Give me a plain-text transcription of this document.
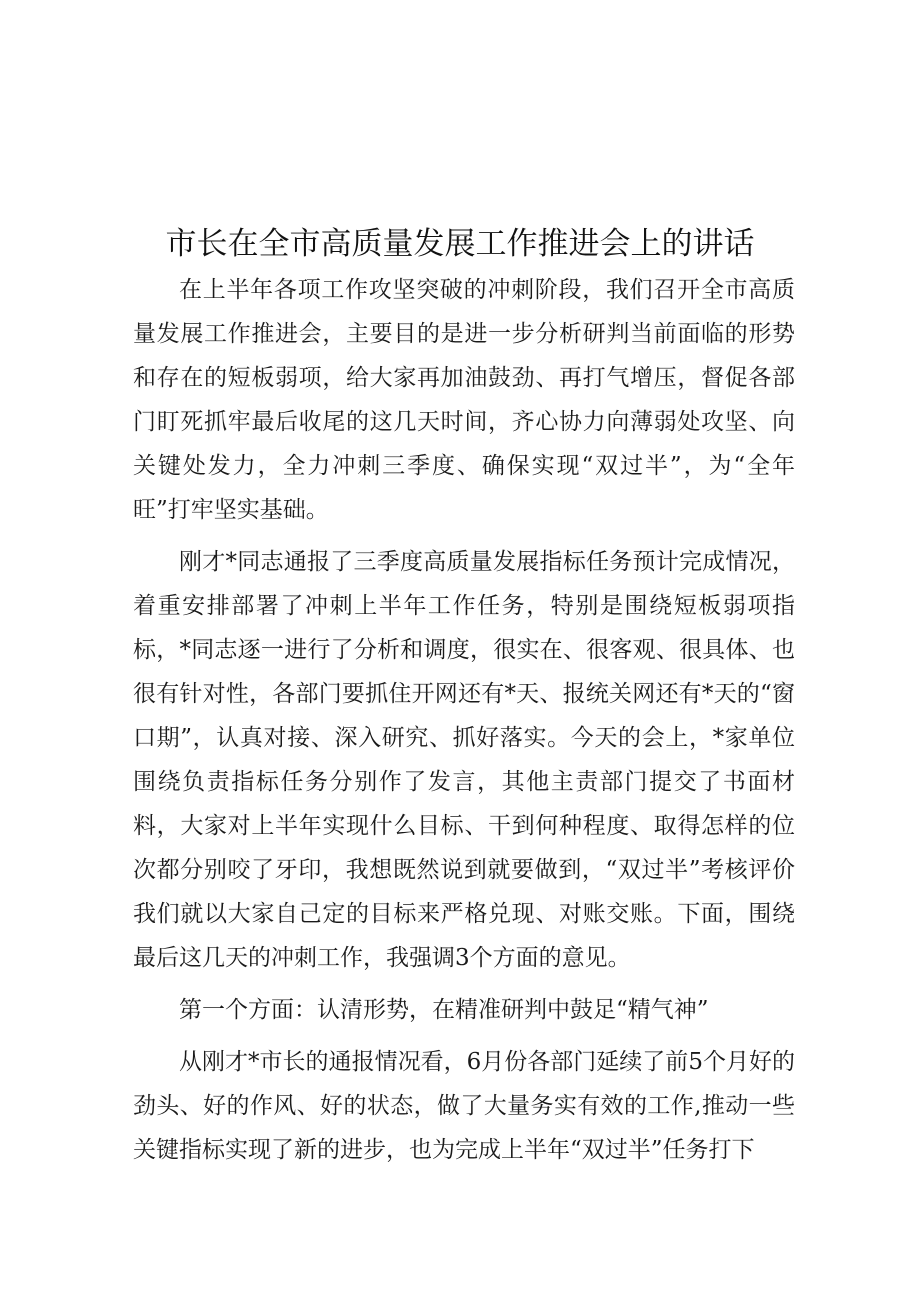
市长在全市高质量发展工作推进会上的讲话

在上半年各项工作攻坚突破的冲刺阶段，我们召开全市高质量发展工作推进会，主要目的是进一步分析研判当前面临的形势和存在的短板弱项，给大家再加油鼓劲、再打气增压，督促各部门盯死抓牢最后收尾的这几天时间，齐心协力向薄弱处攻坚、向关键处发力，全力冲刺三季度、确保实现“双过半”，为“全年旺”打牢坚实基础。

刚才*同志通报了三季度高质量发展指标任务预计完成情况，着重安排部署了冲刺上半年工作任务，特别是围绕短板弱项指标，*同志逐一进行了分析和调度，很实在、很客观、很具体、也很有针对性，各部门要抓住开网还有*天、报统关网还有*天的“窗口期”，认真对接、深入研究、抓好落实。今天的会上，*家单位围绕负责指标任务分别作了发言，其他主责部门提交了书面材料，大家对上半年实现什么目标、干到何种程度、取得怎样的位次都分别咬了牙印，我想既然说到就要做到，“双过半”考核评价我们就以大家自己定的目标来严格兑现、对账交账。下面，围绕最后这几天的冲刺工作，我强调3个方面的意见。

第一个方面：认清形势，在精准研判中鼓足“精气神”

从刚才*市长的通报情况看，6月份各部门延续了前5个月好的劲头、好的作风、好的状态，做了大量务实有效的工作,推动一些关键指标实现了新的进步，也为完成上半年“双过半”任务打下
